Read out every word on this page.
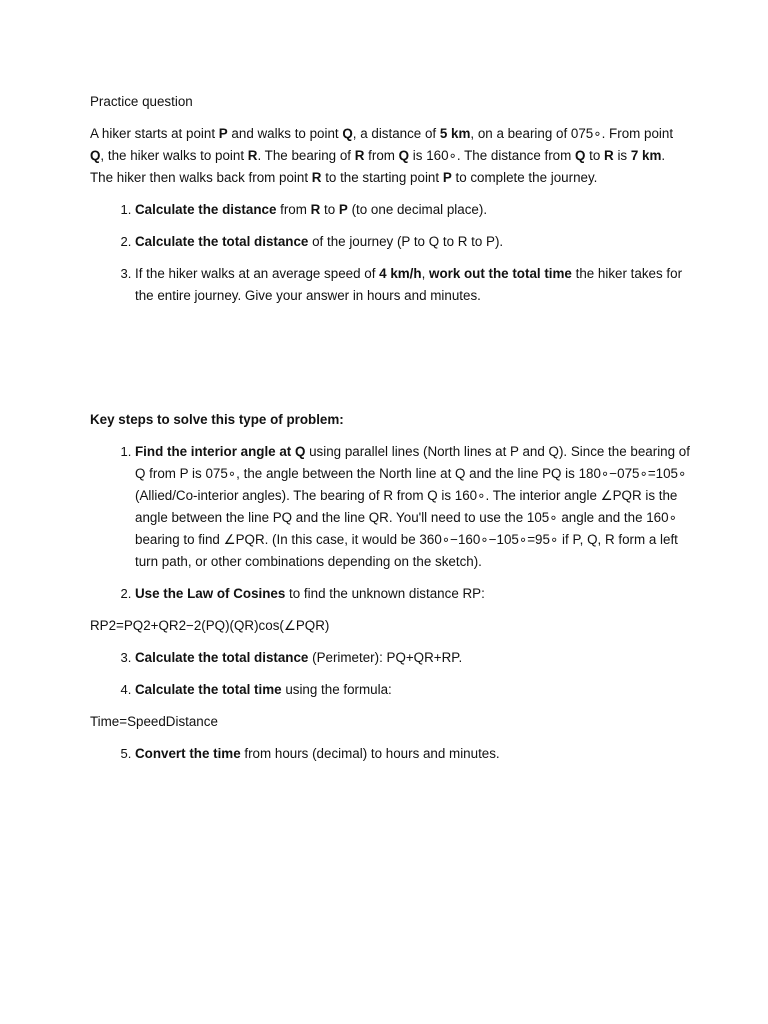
Practice question

A hiker starts at point P and walks to point Q, a distance of 5 km, on a bearing of 075∘. From point Q, the hiker walks to point R. The bearing of R from Q is 160∘. The distance from Q to R is 7 km. The hiker then walks back from point R to the starting point P to complete the journey.

1. Calculate the distance from R to P (to one decimal place).
2. Calculate the total distance of the journey (P to Q to R to P).
3. If the hiker walks at an average speed of 4 km/h, work out the total time the hiker takes for the entire journey. Give your answer in hours and minutes.

Key steps to solve this type of problem:

1. Find the interior angle at Q using parallel lines (North lines at P and Q). Since the bearing of Q from P is 075∘, the angle between the North line at Q and the line PQ is 180∘−075∘=105∘ (Allied/Co-interior angles). The bearing of R from Q is 160∘. The interior angle ∠PQR is the angle between the line PQ and the line QR. You'll need to use the 105∘ angle and the 160∘ bearing to find ∠PQR. (In this case, it would be 360∘−160∘−105∘=95∘ if P, Q, R form a left turn path, or other combinations depending on the sketch).
2. Use the Law of Cosines to find the unknown distance RP:

RP2=PQ2+QR2−2(PQ)(QR)cos(∠PQR)

3. Calculate the total distance (Perimeter): PQ+QR+RP.
4. Calculate the total time using the formula:

Time=SpeedDistance

5. Convert the time from hours (decimal) to hours and minutes.
